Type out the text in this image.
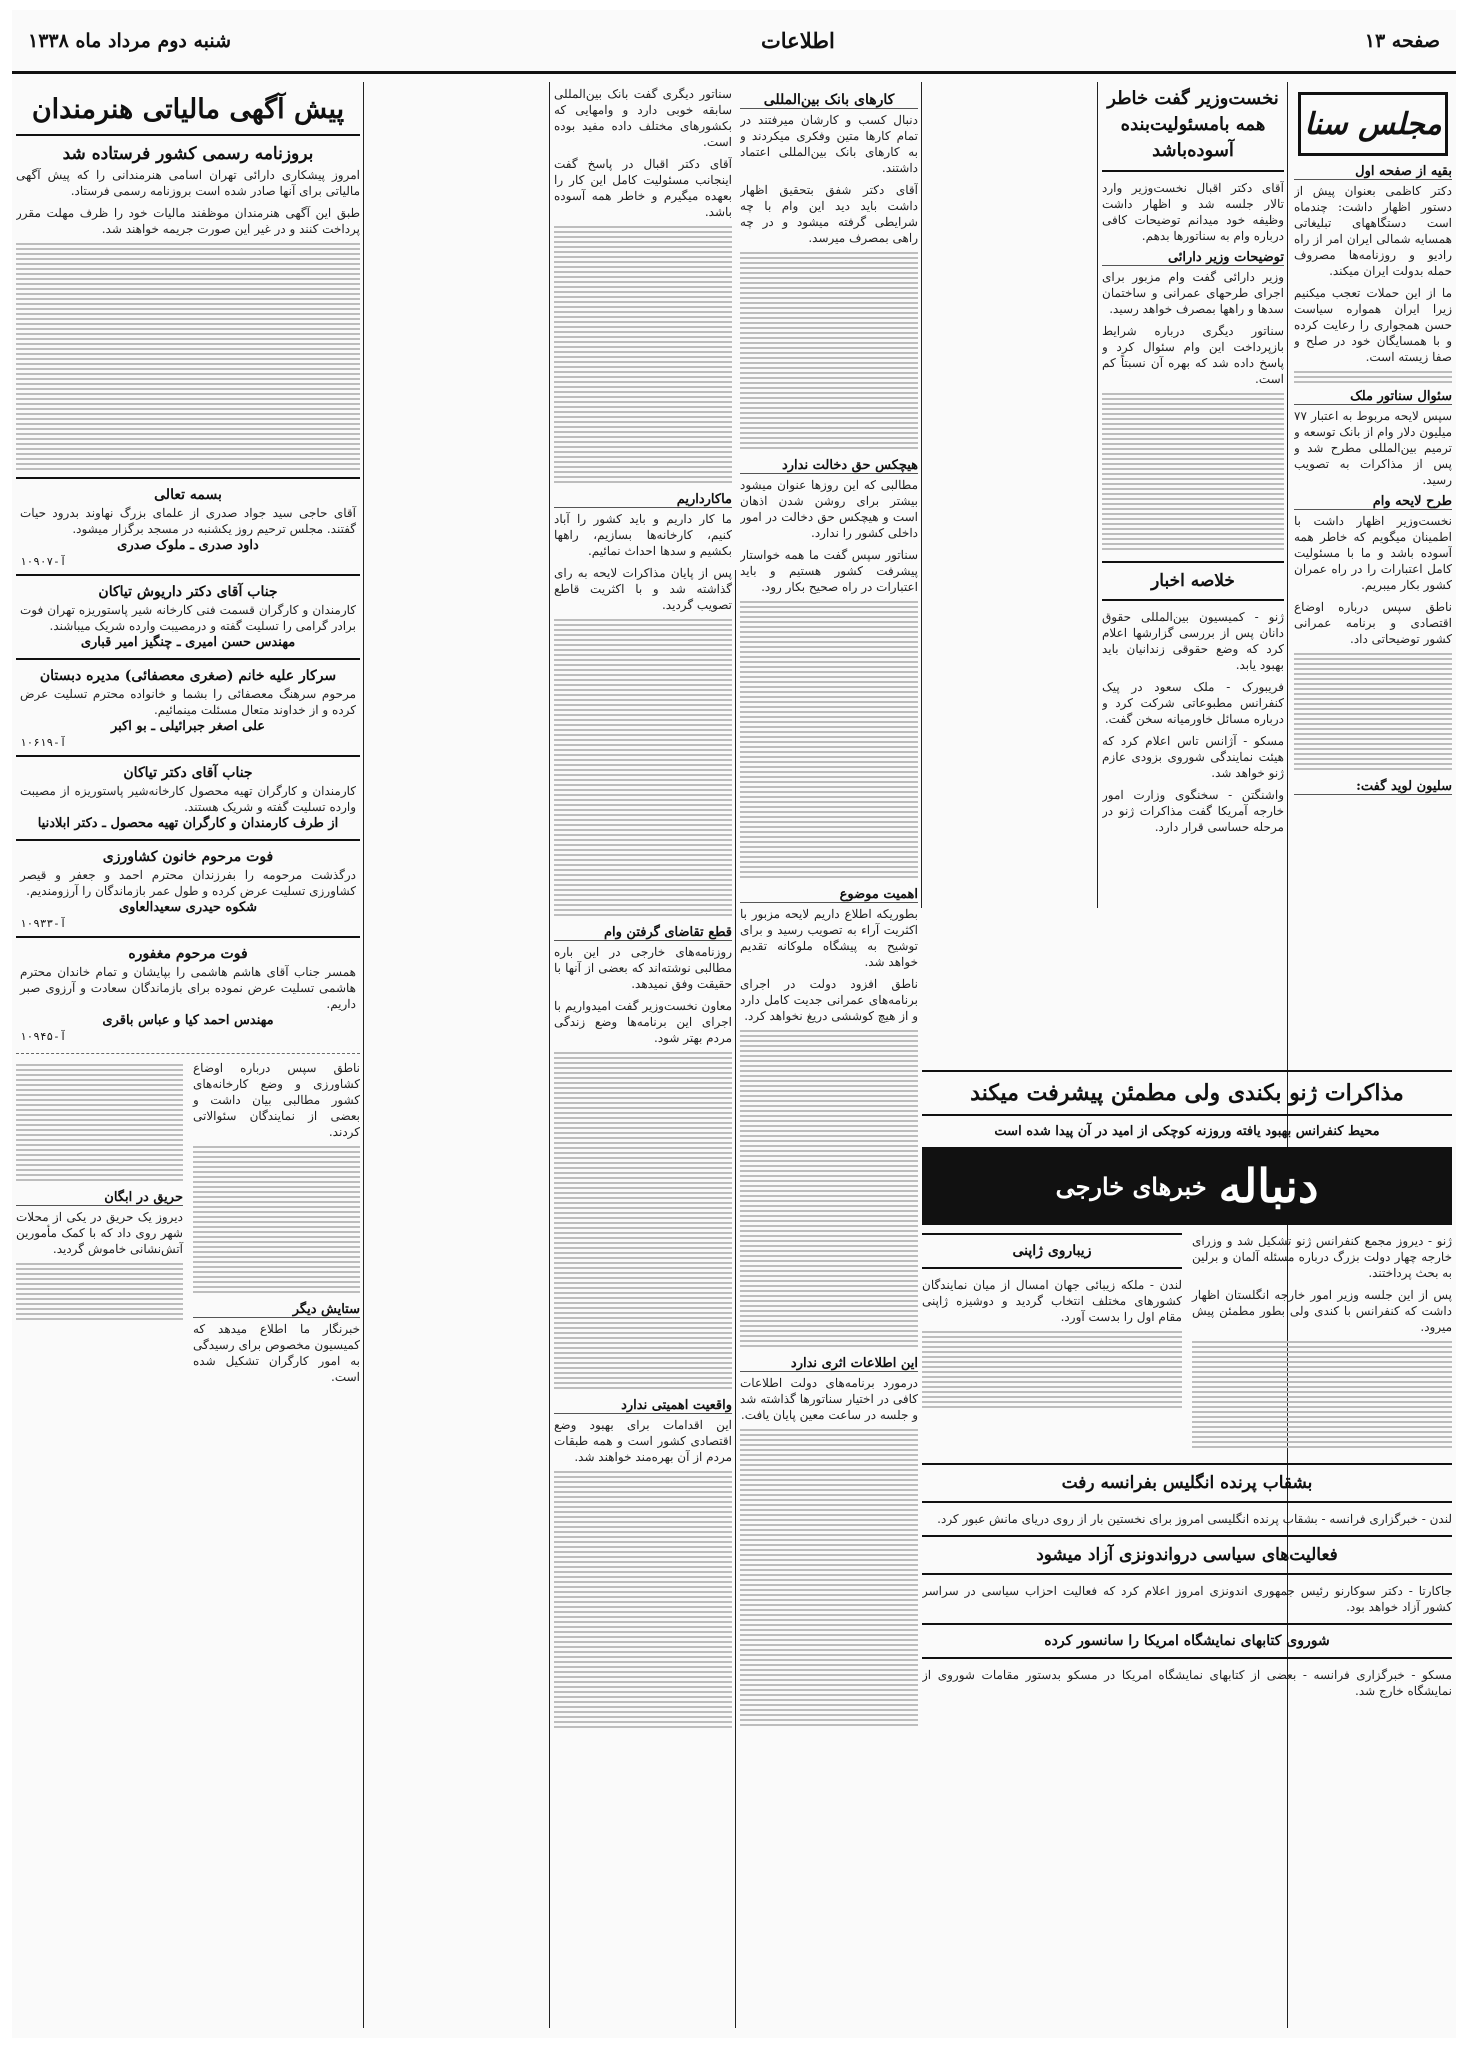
صفحه ۱۳
اطلاعات
شنبه دوم مرداد ماه ۱۳۳۸
مجلس سنا
بقیه از صفحه اول

دکتر کاظمی بعنوان پیش از دستور اظهار داشت: چندماه است دستگاههای تبلیغاتی همسایه شمالی ایران امر از راه رادیو و روزنامه‌ها مصروف حمله بدولت ایران میکند.

ما از این حملات تعجب میکنیم زیرا ایران همواره سیاست حسن همجواری را رعایت کرده و با همسایگان خود در صلح و صفا زیسته است.

سئوال سناتور ملک

سپس لایحه مربوط به اعتبار ۷۷ میلیون دلار وام از بانک توسعه و ترمیم بین‌المللی مطرح شد و پس از مذاکرات به تصویب رسید.

طرح لایحه وام

نخست‌وزیر اظهار داشت با اطمینان میگویم که خاطر همه آسوده باشد و ما با مسئولیت کامل اعتبارات را در راه عمران کشور بکار میبریم.

ناطق سپس درباره اوضاع اقتصادی و برنامه عمرانی کشور توضیحاتی داد.

سلیون لوید گفت:
نخست‌وزیر گفت خاطر همه بامسئولیت‌بنده آسوده‌باشد

آقای دکتر اقبال نخست‌وزیر وارد تالار جلسه شد و اظهار داشت وظیفه خود میدانم توضیحات کافی درباره وام به سناتورها بدهم.

توضیحات وزیر دارائی

وزیر دارائی گفت وام مزبور برای اجرای طرحهای عمرانی و ساختمان سدها و راهها بمصرف خواهد رسید.

سناتور دیگری درباره شرایط بازپرداخت این وام سئوال کرد و پاسخ داده شد که بهره آن نسبتاً کم است.

خلاصه اخبار

ژنو - کمیسیون بین‌المللی حقوق دانان پس از بررسی گزارشها اعلام کرد که وضع حقوقی زندانیان باید بهبود یابد.

فریبورک - ملک سعود در پیک کنفرانس مطبوعاتی شرکت کرد و درباره مسائل خاورمیانه سخن گفت.

مسکو - آژانس تاس اعلام کرد که هیئت نمایندگی شوروی بزودی عازم ژنو خواهد شد.

واشنگتن - سخنگوی وزارت امور خارجه آمریکا گفت مذاکرات ژنو در مرحله حساسی قرار دارد.

مذاکرات ژنو بکندی ولی مطمئن پیشرفت میکند
محیط کنفرانس بهبود یافته وروزنه کوچکی از امید در آن پیدا شده است
دنباله
خبرهای خارجی

ژنو - دیروز مجمع کنفرانس ژنو تشکیل شد و وزرای خارجه چهار دولت بزرگ درباره مسئله آلمان و برلین به بحث پرداختند.

پس از این جلسه وزیر امور خارجه انگلستان اظهار داشت که کنفرانس با کندی ولی بطور مطمئن پیش میرود.

زیباروی ژاپنی

لندن - ملکه زیبائی جهان امسال از میان نمایندگان کشورهای مختلف انتخاب گردید و دوشیزه ژاپنی مقام اول را بدست آورد.

بشقاب پرنده انگلیس بفرانسه رفت

لندن - خبرگزاری فرانسه - بشقاب پرنده انگلیسی امروز برای نخستین بار از روی دریای مانش عبور کرد.

فعالیت‌های سیاسی درواندونزی آزاد میشود

جاکارتا - دکتر سوکارنو رئیس جمهوری اندونزی امروز اعلام کرد که فعالیت احزاب سیاسی در سراسر کشور آزاد خواهد بود.

شوروی کتابهای نمایشگاه امریکا را سانسور کرده

مسکو - خبرگزاری فرانسه - بعضی از کتابهای نمایشگاه امریکا در مسکو بدستور مقامات شوروی از نمایشگاه خارج شد.

کارهای بانک بین‌المللی

دنبال کسب و کارشان میرفتند در تمام کارها متین وفکری میکردند و به کارهای بانک بین‌المللی اعتماد داشتند.

آقای دکتر شفق بتحقیق اظهار داشت باید دید این وام با چه شرایطی گرفته میشود و در چه راهی بمصرف میرسد.

هیچکس حق دخالت ندارد

مطالبی که این روزها عنوان میشود بیشتر برای روشن شدن اذهان است و هیچکس حق دخالت در امور داخلی کشور را ندارد.

سناتور سپس گفت ما همه خواستار پیشرفت کشور هستیم و باید اعتبارات در راه صحیح بکار رود.

اهمیت موضوع

بطوریکه اطلاع داریم لایحه مزبور با اکثریت آراء به تصویب رسید و برای توشیح به پیشگاه ملوکانه تقدیم خواهد شد.

ناطق افزود دولت در اجرای برنامه‌های عمرانی جدیت کامل دارد و از هیچ کوششی دریغ نخواهد کرد.

این اطلاعات اثری ندارد

درمورد برنامه‌های دولت اطلاعات کافی در اختیار سناتورها گذاشته شد و جلسه در ساعت معین پایان یافت.

سناتور دیگری گفت بانک بین‌المللی سابقه خوبی دارد و وامهایی که بکشورهای مختلف داده مفید بوده است.

آقای دکتر اقبال در پاسخ گفت اینجانب مسئولیت کامل این کار را بعهده میگیرم و خاطر همه آسوده باشد.

ماکارداریم

ما کار داریم و باید کشور را آباد کنیم، کارخانه‌ها بسازیم، راهها بکشیم و سدها احداث نمائیم.

پس از پایان مذاکرات لایحه به رای گذاشته شد و با اکثریت قاطع تصویب گردید.

قطع تقاضای گرفتن وام

روزنامه‌های خارجی در این باره مطالبی نوشته‌اند که بعضی از آنها با حقیقت وفق نمیدهد.

معاون نخست‌وزیر گفت امیدواریم با اجرای این برنامه‌ها وضع زندگی مردم بهتر شود.

واقعیت اهمیتی ندارد

این اقدامات برای بهبود وضع اقتصادی کشور است و همه طبقات مردم از آن بهره‌مند خواهند شد.

پیش آگهی مالیاتی هنرمندان
بروزنامه رسمی کشور فرستاده شد

امروز پیشکاری دارائی تهران اسامی هنرمندانی را که پیش آگهی مالیاتی برای آنها صادر شده است بروزنامه رسمی فرستاد.

طبق این آگهی هنرمندان موظفند مالیات خود را ظرف مهلت مقرر پرداخت کنند و در غیر این صورت جریمه خواهند شد.

بسمه تعالی
آقای حاجی سید جواد صدری از علمای بزرگ نهاوند بدرود حیات گفتند. مجلس ترحیم روز یکشنبه در مسجد برگزار میشود.
داود صدری ـ ملوک صدری
آ-۱۰۹۰۷
جناب آقای دکتر داریوش تیاکان
کارمندان و کارگران قسمت فنی کارخانه شیر پاستوریزه تهران فوت برادر گرامی را تسلیت گفته و درمصیبت وارده شریک میباشند.
مهندس حسن امیری ـ چنگیز امیر قباری
سرکار علیه خانم (صغری معصفائی) مدیره دبستان
مرحوم سرهنگ معصفائی را بشما و خانواده محترم تسلیت عرض کرده و از خداوند متعال مسئلت مینمائیم.
علی اصغر جبرائیلی ـ بو اکبر
آ-۱۰۶۱۹
جناب آقای دکتر تیاکان
کارمندان و کارگران تهیه محصول کارخانه‌شیر پاستوریزه از مصیبت وارده تسلیت گفته و شریک هستند.
از طرف کارمندان و کارگران تهیه محصول ـ دکتر ابلادنیا
فوت مرحوم خانون کشاورزی
درگذشت مرحومه را بفرزندان محترم احمد و جعفر و قیصر کشاورزی تسلیت عرض کرده و طول عمر بازماندگان را آرزومندیم.
شکوه حیدری سعیدالعاوی
آ-۱۰۹۳۳
فوت مرحوم مغفوره
همسر جناب آقای هاشم هاشمی را بپایشان و تمام خاندان محترم هاشمی تسلیت عرض نموده برای بازماندگان سعادت و آرزوی صبر داریم.
مهندس احمد کیا و عباس باقری
آ-۱۰۹۴۵

ناطق سپس درباره اوضاع کشاورزی و وضع کارخانه‌های کشور مطالبی بیان داشت و بعضی از نمایندگان سئوالاتی کردند.

ستایش دیگر

خبرنگار ما اطلاع میدهد که کمیسیون مخصوص برای رسیدگی به امور کارگران تشکیل شده است.

حریق در ابگان

دیروز یک حریق در یکی از محلات شهر روی داد که با کمک مأمورین آتش‌نشانی خاموش گردید.
